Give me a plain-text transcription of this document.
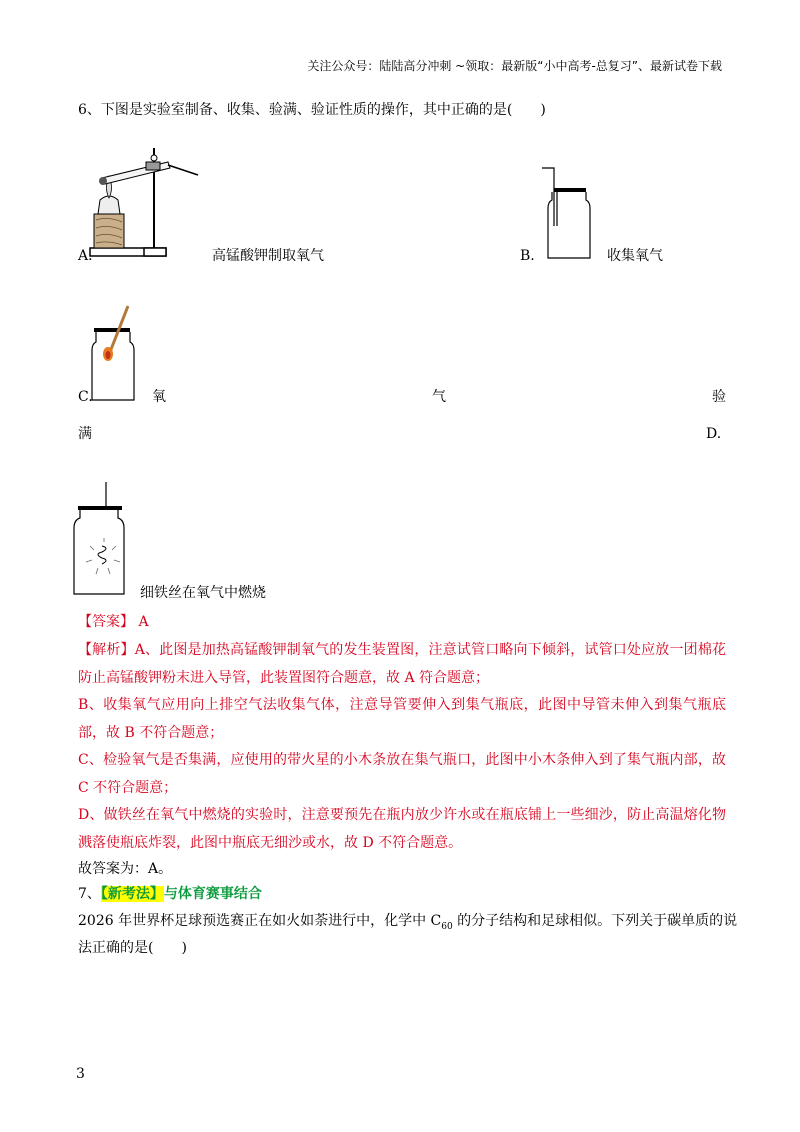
关注公众号：陆陆高分冲刺 ~领取：最新版“小中高考-总复习”、最新试卷下载
6、下图是实验室制备、收集、验满、验证性质的操作，其中正确的是(　　)
A.	高锰酸钾制取氧气	B.	收集氧气
C.	氧	气	验
满	D.
细铁丝在氧气中燃烧
【答案】 A
【解析】A、此图是加热高锰酸钾制氧气的发生装置图，注意试管口略向下倾斜，试管口处应放一团棉花防止高锰酸钾粉末进入导管，此装置图符合题意，故 A 符合题意；
B、收集氧气应用向上排空气法收集气体，注意导管要伸入到集气瓶底，此图中导管未伸入到集气瓶底部，故 B 不符合题意；
C、检验氧气是否集满，应使用的带火星的小木条放在集气瓶口，此图中小木条伸入到了集气瓶内部，故 C 不符合题意；
D、做铁丝在氧气中燃烧的实验时，注意要预先在瓶内放少许水或在瓶底铺上一些细沙，防止高温熔化物溅落使瓶底炸裂，此图中瓶底无细沙或水，故 D 不符合题意。
故答案为：A。
7、【新考法】与体育赛事结合
2026 年世界杯足球预选赛正在如火如荼进行中，化学中 $C_{60}$ 的分子结构和足球相似。下列关于碳单质的说
法正确的是(　　)
3
